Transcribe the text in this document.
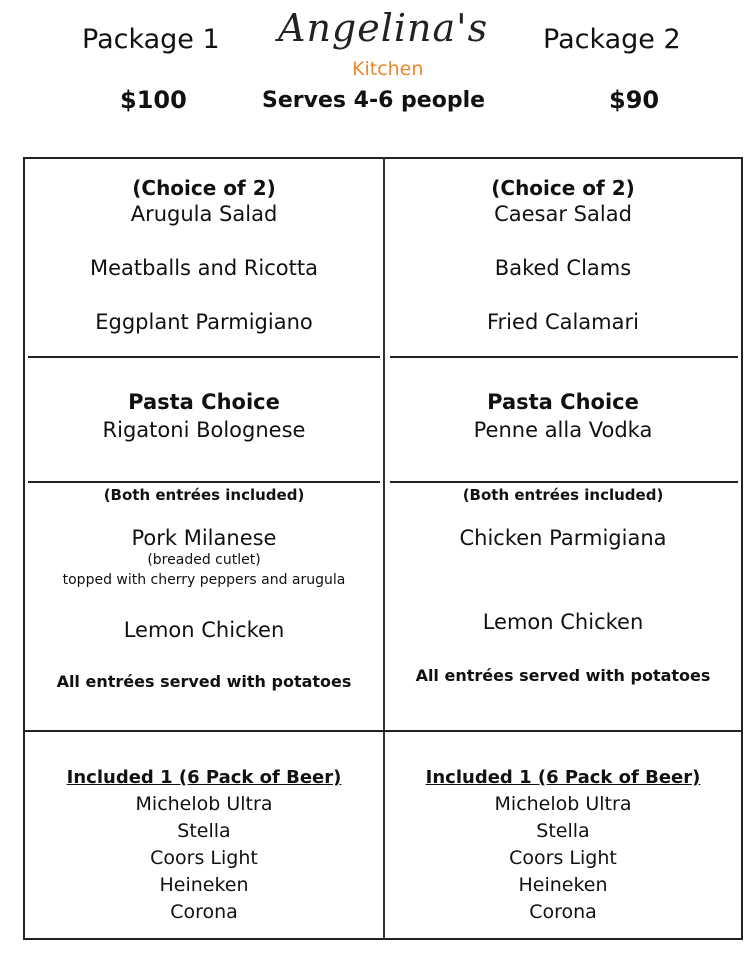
Package 1
$100
Package 2
$90
Angelina's
Kitchen
Serves 4-6 people
(Choice of 2)
Arugula Salad
Meatballs and Ricotta
Eggplant Parmigiano
(Choice of 2)
Caesar Salad
Baked Clams
Fried Calamari
Pasta Choice
Rigatoni Bolognese
Pasta Choice
Penne alla Vodka
(Both entrées included)
Pork Milanese
(breaded cutlet)
topped with cherry peppers and arugula
Lemon Chicken
All entrées served with potatoes
(Both entrées included)
Chicken Parmigiana
Lemon Chicken
All entrées served with potatoes
Included 1 (6 Pack of Beer)
Michelob Ultra
Stella
Coors Light
Heineken
Corona
Included 1 (6 Pack of Beer)
Michelob Ultra
Stella
Coors Light
Heineken
Corona
